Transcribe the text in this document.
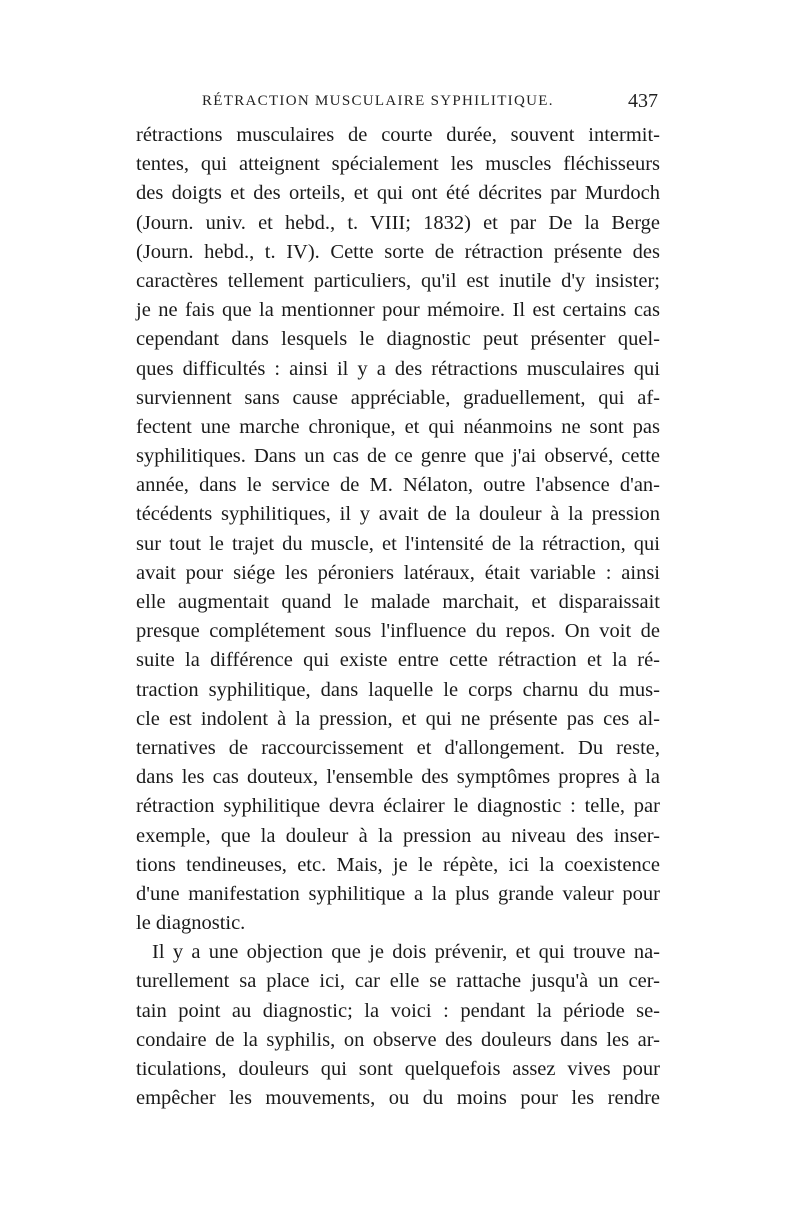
RÉTRACTION MUSCULAIRE SYPHILITIQUE.	437
rétractions musculaires de courte durée, souvent intermit-
tentes, qui atteignent spécialement les muscles fléchisseurs
des doigts et des orteils, et qui ont été décrites par Murdoch
(Journ. univ. et hebd., t. VIII; 1832) et par De la Berge
(Journ. hebd., t. IV). Cette sorte de rétraction présente des
caractères tellement particuliers, qu'il est inutile d'y insister;
je ne fais que la mentionner pour mémoire. Il est certains cas
cependant dans lesquels le diagnostic peut présenter quel-
ques difficultés : ainsi il y a des rétractions musculaires qui
surviennent sans cause appréciable, graduellement, qui af-
fectent une marche chronique, et qui néanmoins ne sont pas
syphilitiques. Dans un cas de ce genre que j'ai observé, cette
année, dans le service de M. Nélaton, outre l'absence d'an-
técédents syphilitiques, il y avait de la douleur à la pression
sur tout le trajet du muscle, et l'intensité de la rétraction, qui
avait pour siége les péroniers latéraux, était variable : ainsi
elle augmentait quand le malade marchait, et disparaissait
presque complétement sous l'influence du repos. On voit de
suite la différence qui existe entre cette rétraction et la ré-
traction syphilitique, dans laquelle le corps charnu du mus-
cle est indolent à la pression, et qui ne présente pas ces al-
ternatives de raccourcissement et d'allongement. Du reste,
dans les cas douteux, l'ensemble des symptômes propres à la
rétraction syphilitique devra éclairer le diagnostic : telle, par
exemple, que la douleur à la pression au niveau des inser-
tions tendineuses, etc. Mais, je le répète, ici la coexistence
d'une manifestation syphilitique a la plus grande valeur pour
le diagnostic.
Il y a une objection que je dois prévenir, et qui trouve na-
turellement sa place ici, car elle se rattache jusqu'à un cer-
tain point au diagnostic; la voici : pendant la période se-
condaire de la syphilis, on observe des douleurs dans les ar-
ticulations, douleurs qui sont quelquefois assez vives pour
empêcher les mouvements, ou du moins pour les rendre
